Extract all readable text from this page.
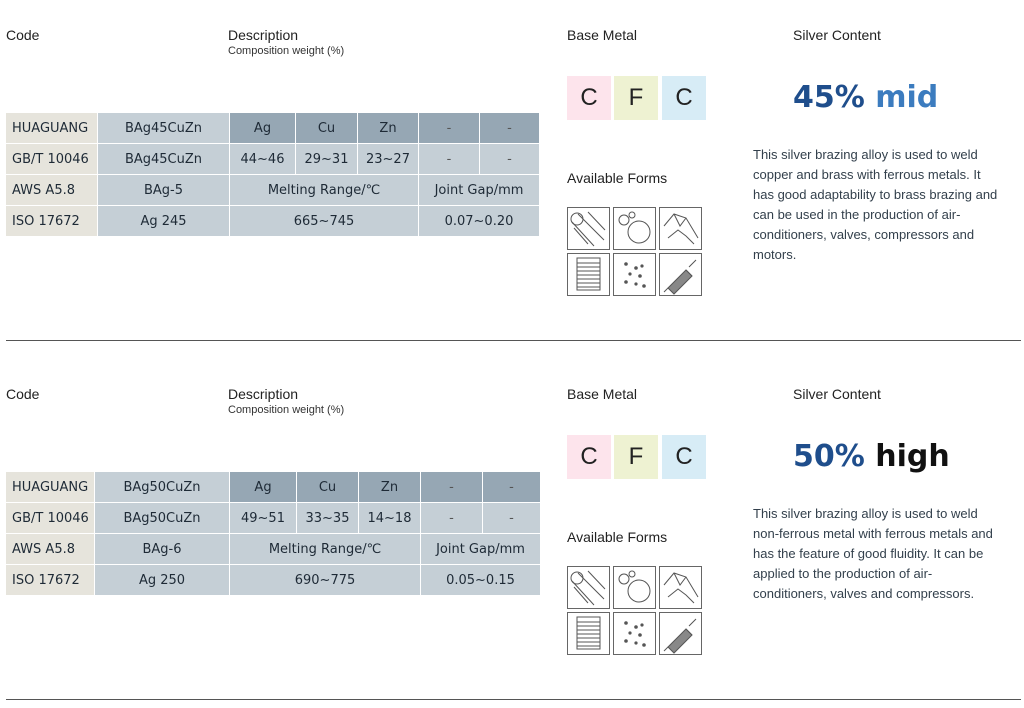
Code	Description
Composition weight (%)
Base Metal	Silver Content
HUAGUANG	BAg45CuZn	Ag	Cu	Zn	-	-
GB/T 10046	BAg45CuZn	44~46	29~31	23~27	-	-
AWS A5.8	BAg-5	Melting Range/℃			Joint Gap/mm	
ISO 17672	Ag 245	665~745			0.07~0.20	
C	F	C
Available Forms
45% mid
This silver brazing alloy is used to weld copper and brass with ferrous metals. It has good adaptability to brass brazing and can be used in the production of air-conditioners, valves, compressors and motors.
Code	Description
Composition weight (%)
Base Metal	Silver Content
HUAGUANG	BAg50CuZn	Ag	Cu	Zn	-	-
GB/T 10046	BAg50CuZn	49~51	33~35	14~18	-	-
AWS A5.8	BAg-6	Melting Range/℃			Joint Gap/mm	
ISO 17672	Ag 250	690~775			0.05~0.15	
C	F	C
Available Forms
50% high
This silver brazing alloy is used to weld non-ferrous metal with ferrous metals and has the feature of good fluidity. It can be applied to the production of air-conditioners, valves and compressors.
